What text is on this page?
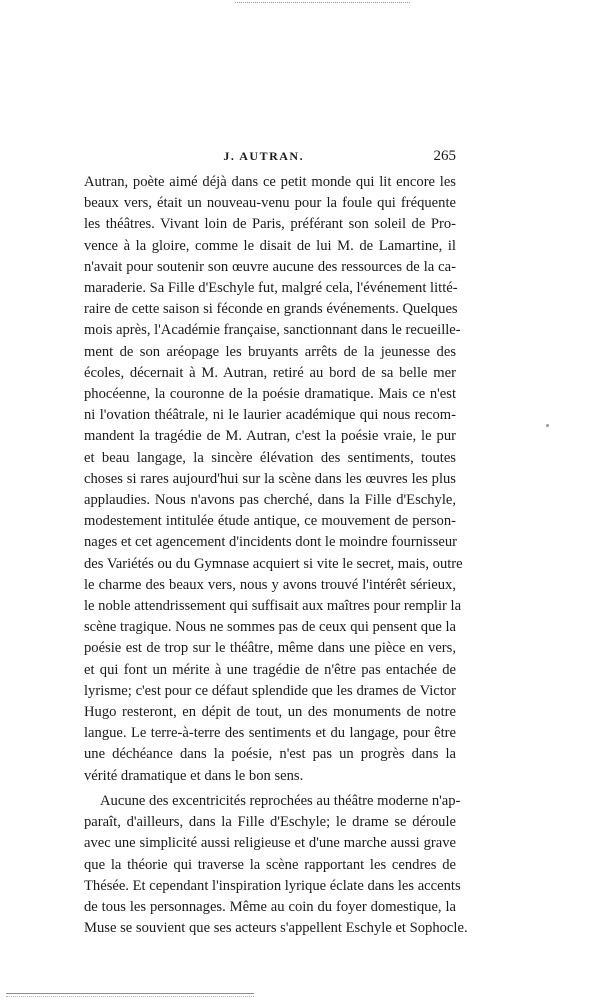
J. AUTRAN.	265
Autran, poète aimé déjà dans ce petit monde qui lit encore les
beaux vers, était un nouveau-venu pour la foule qui fréquente
les théâtres. Vivant loin de Paris, préférant son soleil de Pro-
vence à la gloire, comme le disait de lui M. de Lamartine, il
n'avait pour soutenir son œuvre aucune des ressources de la ca-
maraderie. Sa Fille d'Eschyle fut, malgré cela, l'événement litté-
raire de cette saison si féconde en grands événements. Quelques
mois après, l'Académie française, sanctionnant dans le recueille-
ment de son aréopage les bruyants arrêts de la jeunesse des
écoles, décernait à M. Autran, retiré au bord de sa belle mer
phocéenne, la couronne de la poésie dramatique. Mais ce n'est
ni l'ovation théâtrale, ni le laurier académique qui nous recom-
mandent la tragédie de M. Autran, c'est la poésie vraie, le pur
et beau langage, la sincère élévation des sentiments, toutes
choses si rares aujourd'hui sur la scène dans les œuvres les plus
applaudies. Nous n'avons pas cherché, dans la Fille d'Eschyle,
modestement intitulée étude antique, ce mouvement de person-
nages et cet agencement d'incidents dont le moindre fournisseur
des Variétés ou du Gymnase acquiert si vite le secret, mais, outre
le charme des beaux vers, nous y avons trouvé l'intérêt sérieux,
le noble attendrissement qui suffisait aux maîtres pour remplir la
scène tragique. Nous ne sommes pas de ceux qui pensent que la
poésie est de trop sur le théâtre, même dans une pièce en vers,
et qui font un mérite à une tragédie de n'être pas entachée de
lyrisme; c'est pour ce défaut splendide que les drames de Victor
Hugo resteront, en dépit de tout, un des monuments de notre
langue. Le terre-à-terre des sentiments et du langage, pour être
une déchéance dans la poésie, n'est pas un progrès dans la
vérité dramatique et dans le bon sens.
Aucune des excentricités reprochées au théâtre moderne n'ap-
paraît, d'ailleurs, dans la Fille d'Eschyle; le drame se déroule
avec une simplicité aussi religieuse et d'une marche aussi grave
que la théorie qui traverse la scène rapportant les cendres de
Thésée. Et cependant l'inspiration lyrique éclate dans les accents
de tous les personnages. Même au coin du foyer domestique, la
Muse se souvient que ses acteurs s'appellent Eschyle et Sophocle.
